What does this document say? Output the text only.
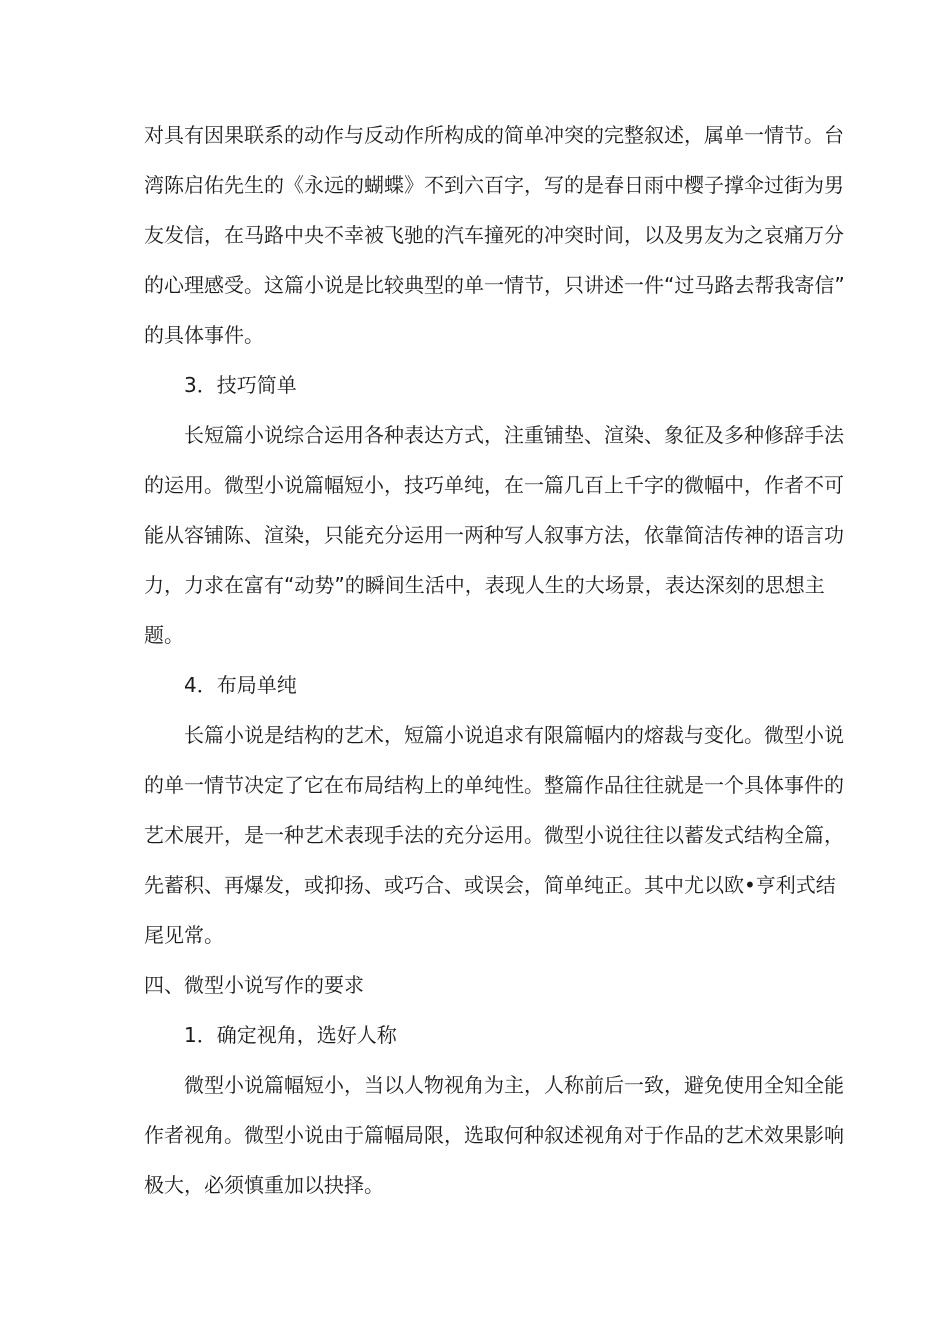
对具有因果联系的动作与反动作所构成的简单冲突的完整叙述，属单一情节。台
湾陈启佑先生的《永远的蝴蝶》不到六百字，写的是春日雨中樱子撑伞过街为男
友发信，在马路中央不幸被飞驰的汽车撞死的冲突时间，以及男友为之哀痛万分
的心理感受。这篇小说是比较典型的单一情节，只讲述一件“过马路去帮我寄信”
的具体事件。

3．技巧简单

长短篇小说综合运用各种表达方式，注重铺垫、渲染、象征及多种修辞手法
的运用。微型小说篇幅短小，技巧单纯，在一篇几百上千字的微幅中，作者不可
能从容铺陈、渲染，只能充分运用一两种写人叙事方法，依靠简洁传神的语言功
力，力求在富有“动势”的瞬间生活中，表现人生的大场景，表达深刻的思想主
题。

4．布局单纯

长篇小说是结构的艺术，短篇小说追求有限篇幅内的熔裁与变化。微型小说
的单一情节决定了它在布局结构上的单纯性。整篇作品往往就是一个具体事件的
艺术展开，是一种艺术表现手法的充分运用。微型小说往往以蓄发式结构全篇，
先蓄积、再爆发，或抑扬、或巧合、或误会，简单纯正。其中尤以欧•亨利式结
尾见常。

四、微型小说写作的要求

1．确定视角，选好人称

微型小说篇幅短小，当以人物视角为主，人称前后一致，避免使用全知全能
作者视角。微型小说由于篇幅局限，选取何种叙述视角对于作品的艺术效果影响
极大，必须慎重加以抉择。
